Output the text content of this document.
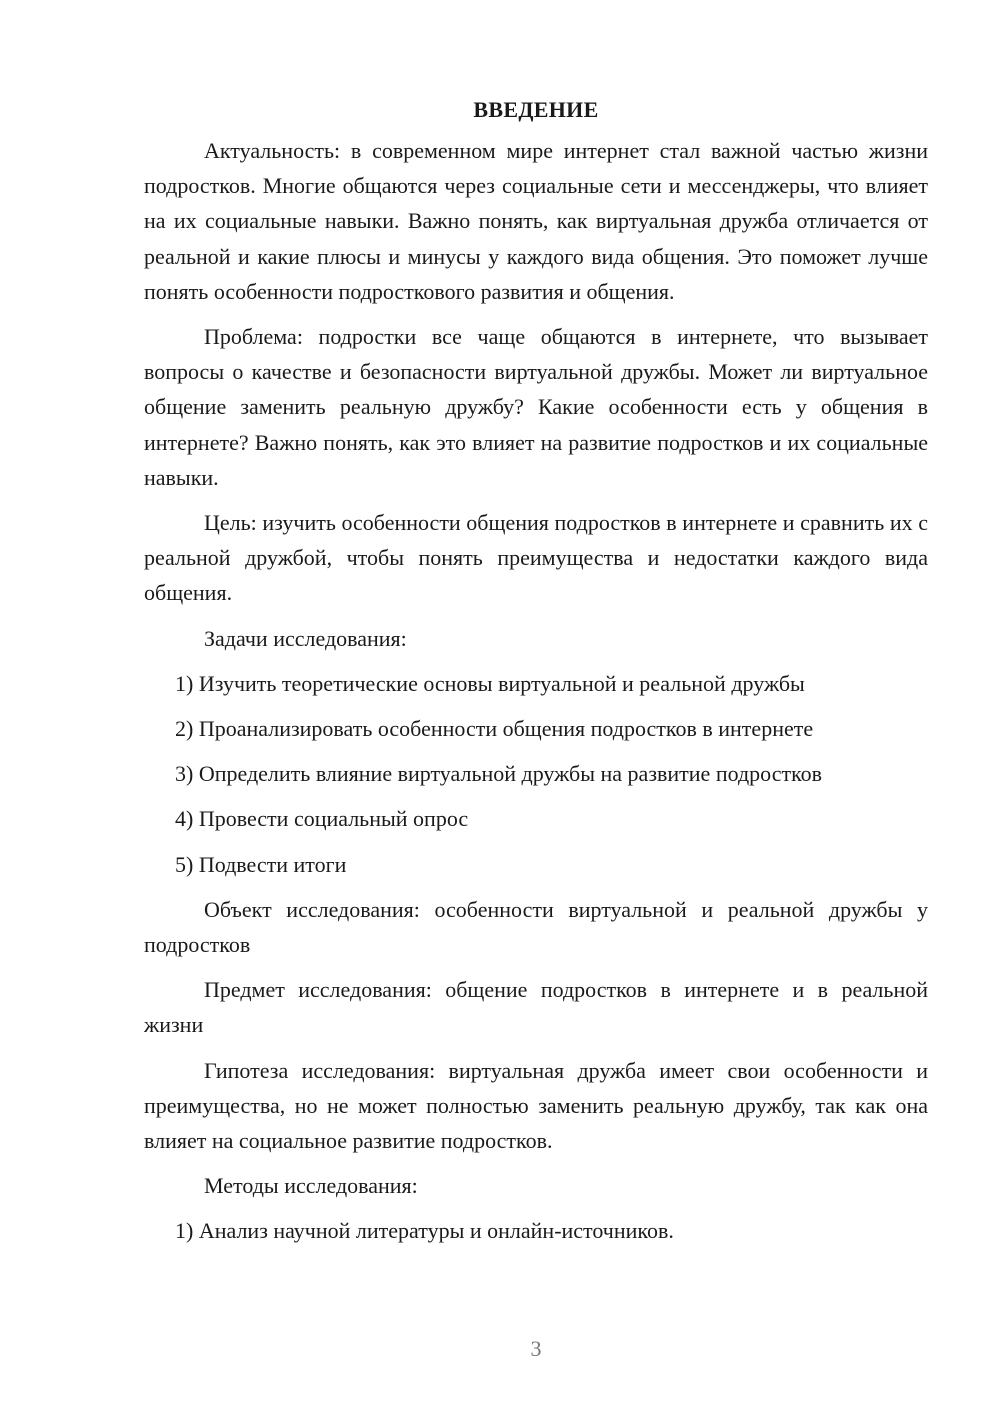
ВВЕДЕНИЕ

Актуальность: в современном мире интернет стал важной частью жизни подростков. Многие общаются через социальные сети и мессенджеры, что влияет на их социальные навыки. Важно понять, как виртуальная дружба отличается от реальной и какие плюсы и минусы у каждого вида общения. Это поможет лучше понять особенности подросткового развития и общения.

Проблема: подростки все чаще общаются в интернете, что вызывает вопросы о качестве и безопасности виртуальной дружбы. Может ли виртуальное общение заменить реальную дружбу? Какие особенности есть у общения в интернете? Важно понять, как это влияет на развитие подростков и их социальные навыки.

Цель: изучить особенности общения подростков в интернете и сравнить их с реальной дружбой, чтобы понять преимущества и недостатки каждого вида общения.

Задачи исследования:

1) Изучить теоретические основы виртуальной и реальной дружбы
2) Проанализировать особенности общения подростков в интернете
3) Определить влияние виртуальной дружбы на развитие подростков
4) Провести социальный опрос
5) Подвести итоги

Объект исследования: особенности виртуальной и реальной дружбы у подростков

Предмет исследования: общение подростков в интернете и в реальной жизни

Гипотеза исследования: виртуальная дружба имеет свои особенности и преимущества, но не может полностью заменить реальную дружбу, так как она влияет на социальное развитие подростков.

Методы исследования:

1) Анализ научной литературы и онлайн-источников.
3
